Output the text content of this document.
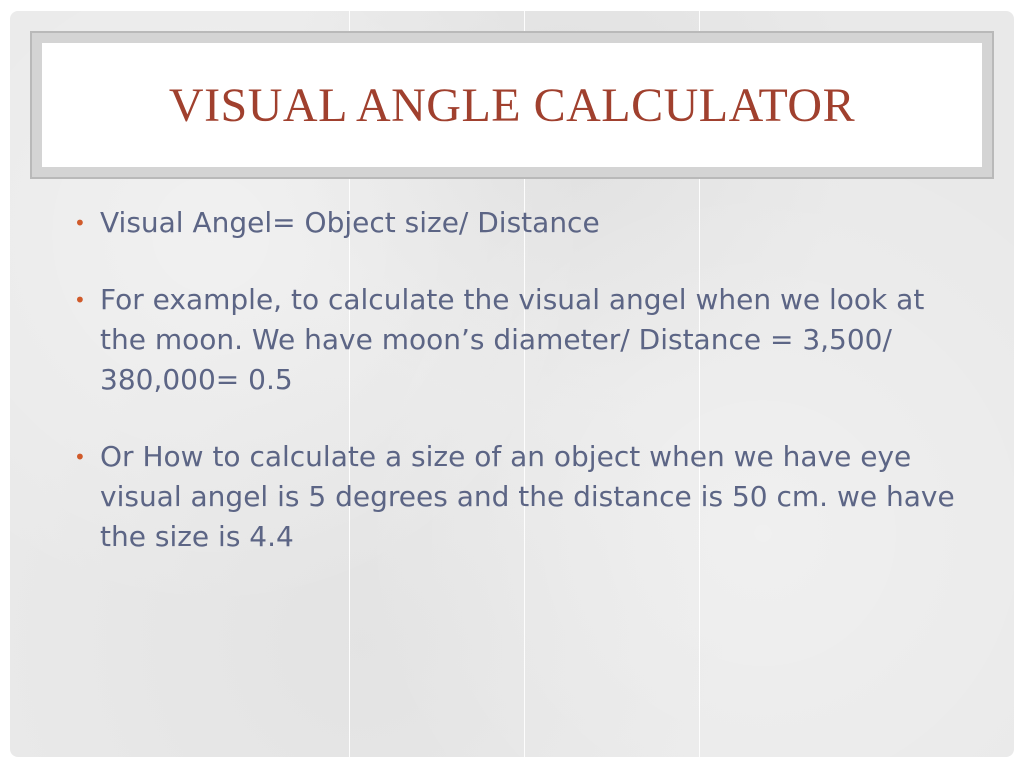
VISUAL ANGLE CALCULATOR
• Visual Angel= Object size/ Distance
• For example, to calculate the visual angel when we look at the moon. We have moon’s diameter/ Distance = 3,500/ 380,000= 0.5
• Or How to calculate a size of an object when we have eye visual angel is 5 degrees and the distance is 50 cm. we have the size is 4.4
